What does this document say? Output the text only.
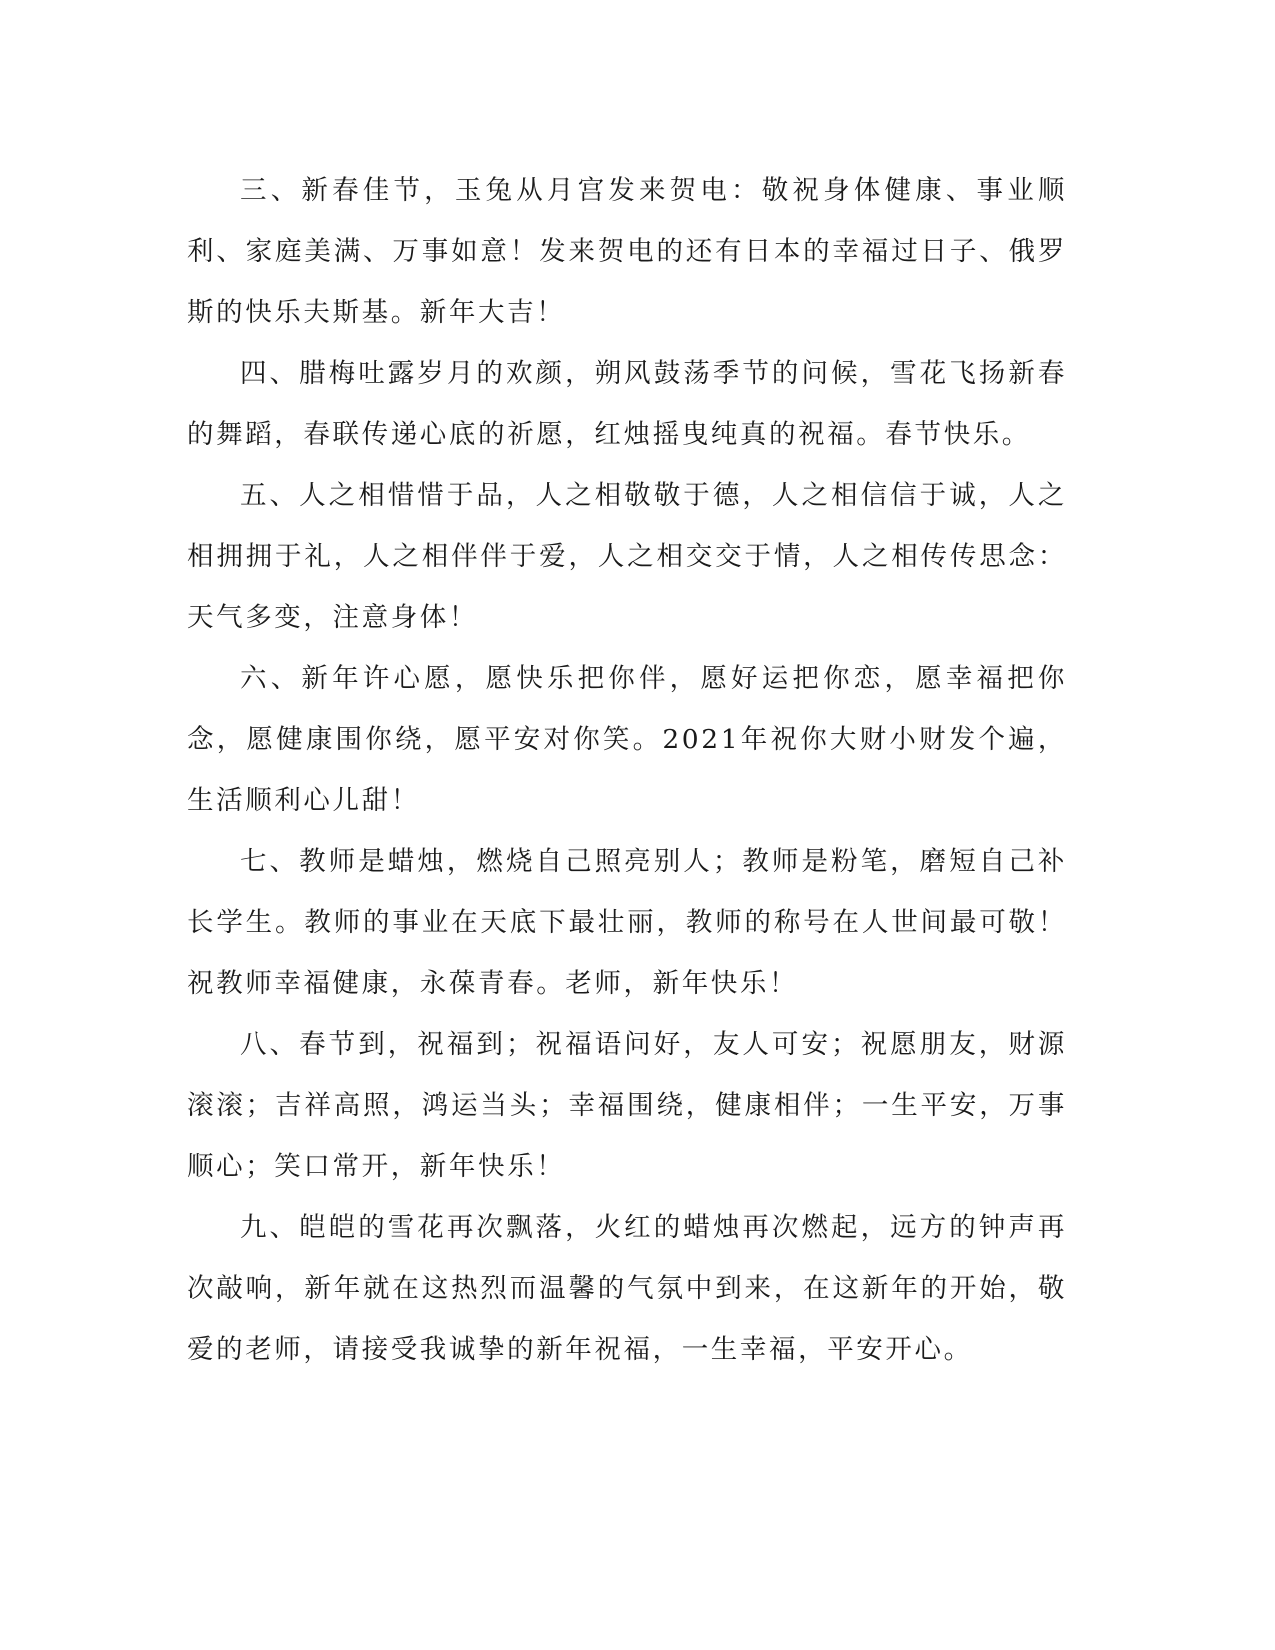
三、新春佳节，玉兔从月宫发来贺电：敬祝身体健康、事业顺利、家庭美满、万事如意！发来贺电的还有日本的幸福过日子、俄罗斯的快乐夫斯基。新年大吉！

四、腊梅吐露岁月的欢颜，朔风鼓荡季节的问候，雪花飞扬新春的舞蹈，春联传递心底的祈愿，红烛摇曳纯真的祝福。春节快乐。

五、人之相惜惜于品，人之相敬敬于德，人之相信信于诚，人之相拥拥于礼，人之相伴伴于爱，人之相交交于情，人之相传传思念：天气多变，注意身体！

六、新年许心愿，愿快乐把你伴，愿好运把你恋，愿幸福把你念，愿健康围你绕，愿平安对你笑。2021年祝你大财小财发个遍，生活顺利心儿甜！

七、教师是蜡烛，燃烧自己照亮别人；教师是粉笔，磨短自己补长学生。教师的事业在天底下最壮丽，教师的称号在人世间最可敬！祝教师幸福健康，永葆青春。老师，新年快乐！

八、春节到，祝福到；祝福语问好，友人可安；祝愿朋友，财源滚滚；吉祥高照，鸿运当头；幸福围绕，健康相伴；一生平安，万事顺心；笑口常开，新年快乐！

九、皑皑的雪花再次飘落，火红的蜡烛再次燃起，远方的钟声再次敲响，新年就在这热烈而温馨的气氛中到来，在这新年的开始，敬爱的老师，请接受我诚挚的新年祝福，一生幸福，平安开心。
